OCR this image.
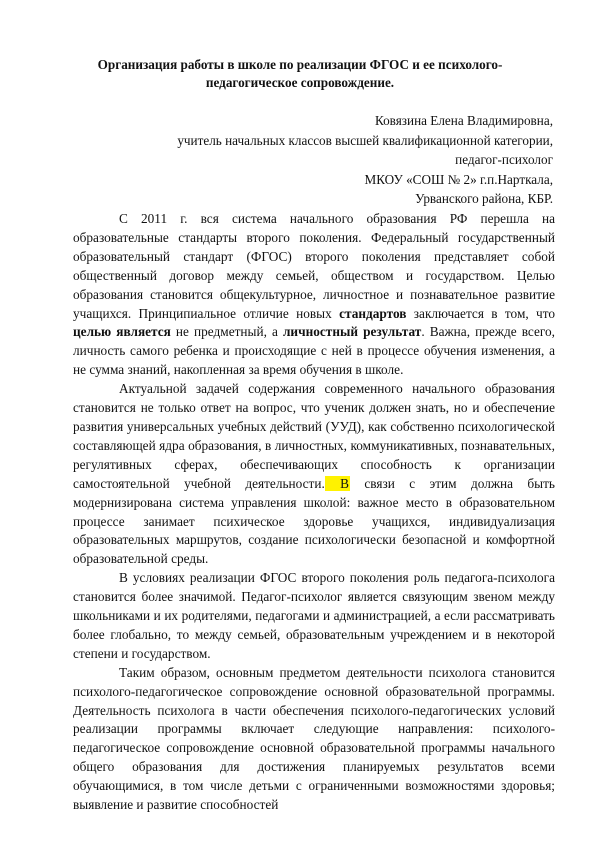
Организация работы в школе по реализации ФГОС и ее психолого-
педагогическое сопровождение.
Ковязина Елена Владимировна,
учитель начальных классов высшей квалификационной категории,
педагог-психолог
МКОУ «СОШ № 2» г.п.Нарткала,
Урванского района, КБР.

С 2011 г. вся система начального образования РФ перешла на образовательные стандарты второго поколения. Федеральный государственный образовательный стандарт (ФГОС) второго поколения представляет собой общественный договор между семьей, обществом и государством. Целью образования становится общекультурное, личностное и познавательное развитие учащихся. Принципиальное отличие новых стандартов заключается в том, что целью является не предметный, а личностный результат. Важна, прежде всего, личность самого ребенка и происходящие с ней в процессе обучения изменения, а не сумма знаний, накопленная за время обучения в школе.

Актуальной задачей содержания современного начального образования становится не только ответ на вопрос, что ученик должен знать, но и обеспечение развития универсальных учебных действий (УУД), как собственно психологической составляющей ядра образования, в личностных, коммуникативных, познавательных, регулятивных сферах, обеспечивающих способность к организации самостоятельной учебной деятельности. В связи с этим должна быть модернизирована система управления школой: важное место в образовательном процессе занимает психическое здоровье учащихся, индивидуализация образовательных маршрутов, создание психологически безопасной и комфортной образовательной среды.

В условиях реализации ФГОС второго поколения роль педагога-психолога становится более значимой. Педагог-психолог является связующим звеном между школьниками и их родителями, педагогами и администрацией, а если рассматривать более глобально, то между семьей, образовательным учреждением и в некоторой степени и государством.

Таким образом, основным предметом деятельности психолога становится психолого-педагогическое сопровождение основной образовательной программы. Деятельность психолога в части обеспечения психолого-педагогических условий реализации программы включает следующие направления: психолого-педагогическое сопровождение основной образовательной программы начального общего образования для достижения планируемых результатов всеми обучающимися, в том числе детьми с ограниченными возможностями здоровья; выявление и развитие способностей
